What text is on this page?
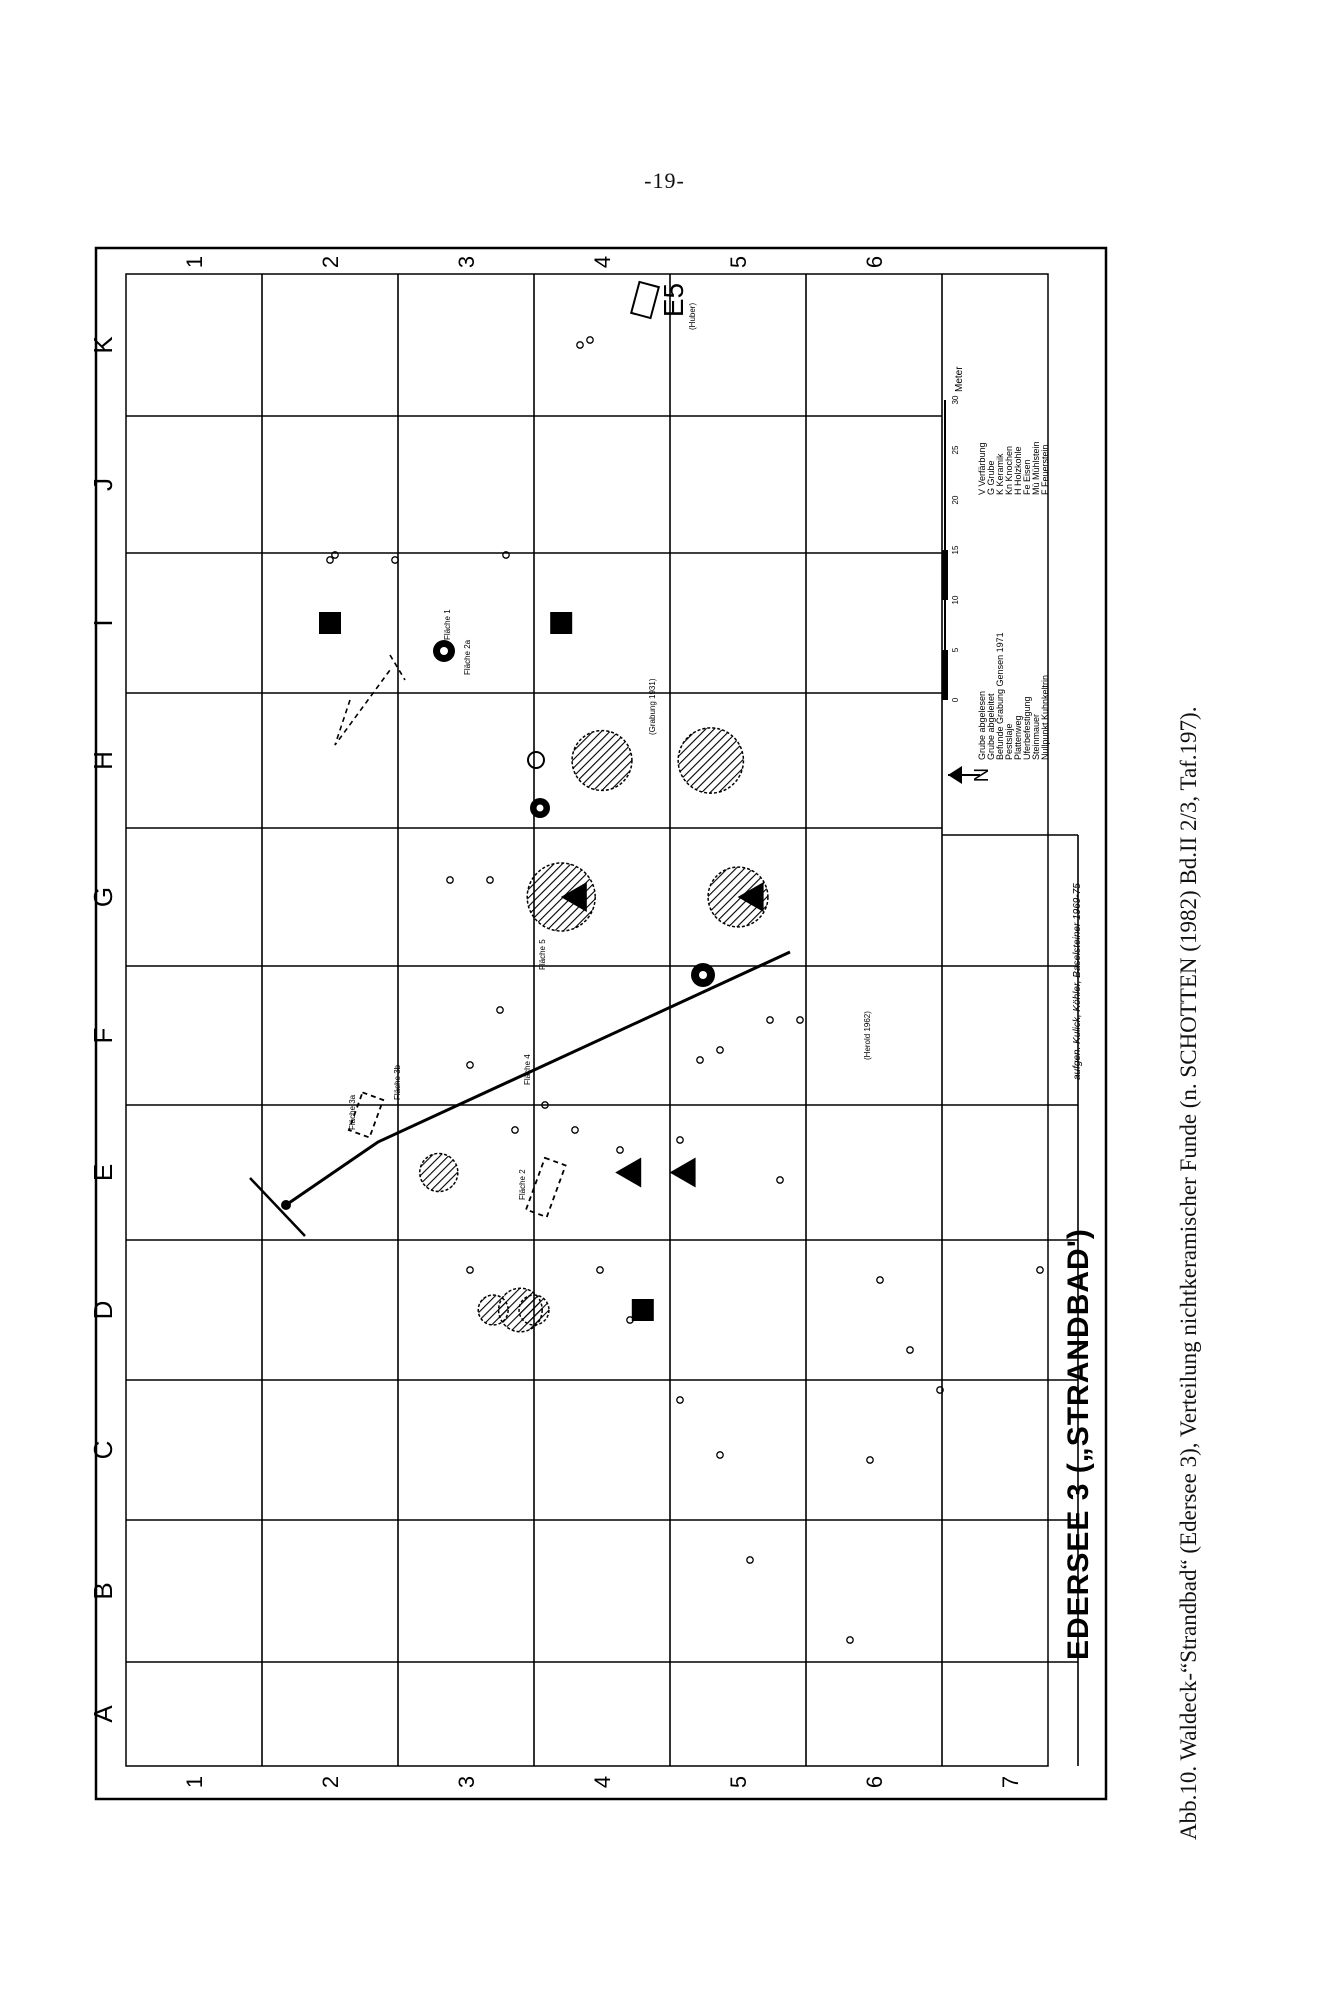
-19-
K
J
I
H
G
F
E
D
C
B
A
1	2	3	4	5	6
1	2	3	4	5	6	7
E5
Fläche 1
Fläche 2
Fläche 3a
Fläche 3b	Fläche 4
Fläche 5
(Grabung 1931)
(Herold 1962)
(Huber)
Fläche 2a
N
Meter
Grube abgelesen Grube abgeleitet Befunde Grabung Gensen 1971 Pestslaje Plattenweg Uferbefestigung Steinmauer Nullpunkt Kuhnkeltrin
V Verfärbung G Grube K Keramik Kn Knochen H Holzkohle Fe Eisen Mü Mühlstein F Feuerstein
0
5
10
15
20
25
30
aufgen. Kulick, Köhler, Baselsteiner 1969-75
EDERSEE 3 („STRANDBAD')	Abb.10. Waldeck-“Strandbad“ (Edersee 3), Verteilung nichtkeramischer Funde (n. SCHOTTEN (1982) Bd.II 2/3, Taf.197).
